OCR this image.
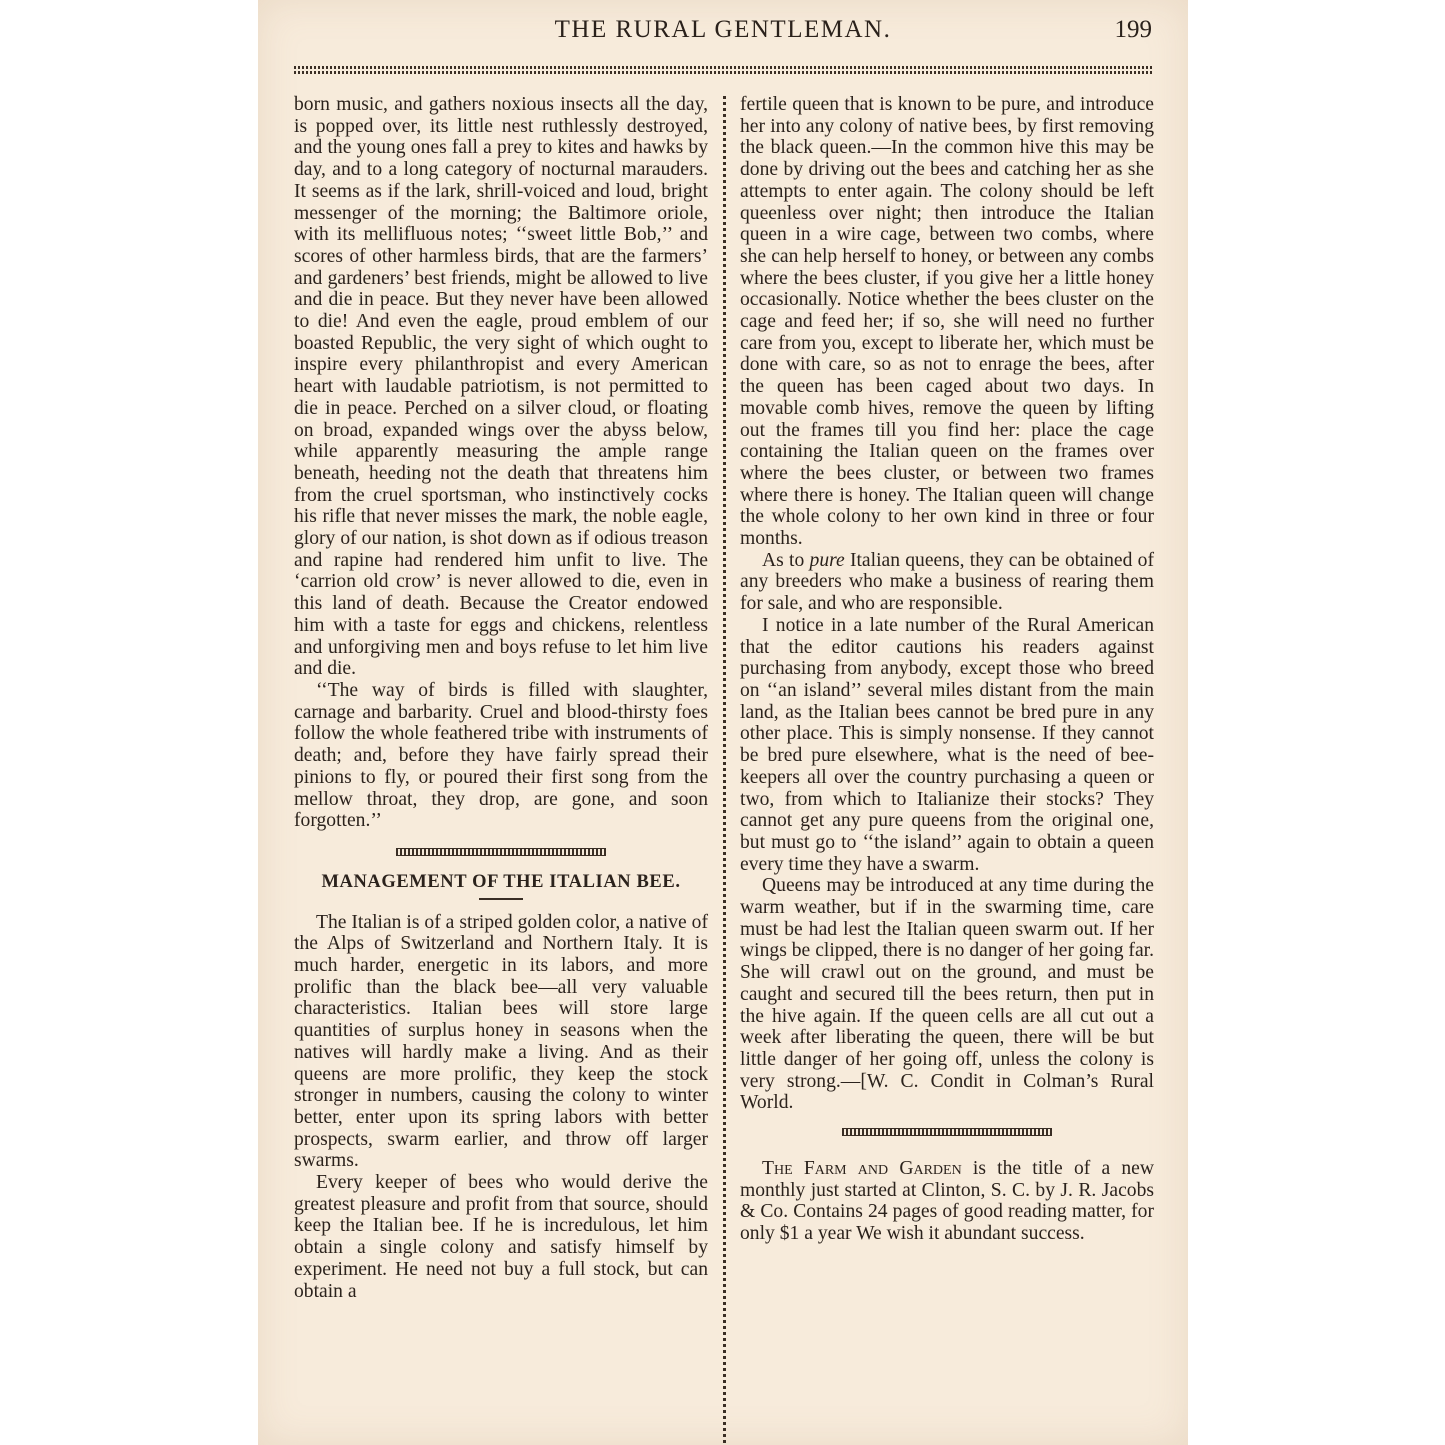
THE RURAL GENTLEMAN.	199

born music, and gathers noxious insects all the day, is popped over, its little nest ruthlessly destroyed, and the young ones fall a prey to kites and hawks by day, and to a long category of nocturnal marauders. It seems as if the lark, shrill-voiced and loud, bright messenger of the morning; the Baltimore oriole, with its mellifluous notes; ‘‘sweet little Bob,’’ and scores of other harmless birds, that are the farmers’ and gardeners’ best friends, might be allowed to live and die in peace. But they never have been allowed to die! And even the eagle, proud emblem of our boasted Republic, the very sight of which ought to inspire every philanthropist and every American heart with laudable patriotism, is not permitted to die in peace. Perched on a silver cloud, or floating on broad, expanded wings over the abyss below, while apparently measuring the ample range beneath, heeding not the death that threatens him from the cruel sportsman, who instinctively cocks his rifle that never misses the mark, the noble eagle, glory of our nation, is shot down as if odious treason and rapine had rendered him unfit to live. The ‘carrion old crow’ is never allowed to die, even in this land of death. Because the Creator endowed him with a taste for eggs and chickens, relentless and unforgiving men and boys refuse to let him live and die.

‘‘The way of birds is filled with slaughter, carnage and barbarity. Cruel and blood-thirsty foes follow the whole feathered tribe with instruments of death; and, before they have fairly spread their pinions to fly, or poured their first song from the mellow throat, they drop, are gone, and soon forgotten.’’

MANAGEMENT OF THE ITALIAN BEE.

The Italian is of a striped golden color, a native of the Alps of Switzerland and Northern Italy. It is much harder, energetic in its labors, and more prolific than the black bee—all very valuable characteristics. Italian bees will store large quantities of surplus honey in seasons when the natives will hardly make a living. And as their queens are more prolific, they keep the stock stronger in numbers, causing the colony to winter better, enter upon its spring labors with better prospects, swarm earlier, and throw off larger swarms.

Every keeper of bees who would derive the greatest pleasure and profit from that source, should keep the Italian bee. If he is incredulous, let him obtain a single colony and satisfy himself by experiment. He need not buy a full stock, but can obtain a

fertile queen that is known to be pure, and introduce her into any colony of native bees, by first removing the black queen.—In the common hive this may be done by driving out the bees and catching her as she attempts to enter again. The colony should be left queenless over night; then introduce the Italian queen in a wire cage, between two combs, where she can help herself to honey, or between any combs where the bees cluster, if you give her a little honey occasionally. Notice whether the bees cluster on the cage and feed her; if so, she will need no further care from you, except to liberate her, which must be done with care, so as not to enrage the bees, after the queen has been caged about two days. In movable comb hives, remove the queen by lifting out the frames till you find her: place the cage containing the Italian queen on the frames over where the bees cluster, or between two frames where there is honey. The Italian queen will change the whole colony to her own kind in three or four months.

As to pure Italian queens, they can be obtained of any breeders who make a business of rearing them for sale, and who are responsible.

I notice in a late number of the Rural American that the editor cautions his readers against purchasing from anybody, except those who breed on ‘‘an island’’ several miles distant from the main land, as the Italian bees cannot be bred pure in any other place. This is simply nonsense. If they cannot be bred pure elsewhere, what is the need of bee-keepers all over the country purchasing a queen or two, from which to Italianize their stocks? They cannot get any pure queens from the original one, but must go to ‘‘the island’’ again to obtain a queen every time they have a swarm.

Queens may be introduced at any time during the warm weather, but if in the swarming time, care must be had lest the Italian queen swarm out. If her wings be clipped, there is no danger of her going far. She will crawl out on the ground, and must be caught and secured till the bees return, then put in the hive again. If the queen cells are all cut out a week after liberating the queen, there will be but little danger of her going off, unless the colony is very strong.—[W. C. Condit in Colman’s Rural World.

The Farm and Garden is the title of a new monthly just started at Clinton, S. C. by J. R. Jacobs & Co. Contains 24 pages of good reading matter, for only $1 a year We wish it abundant success.
